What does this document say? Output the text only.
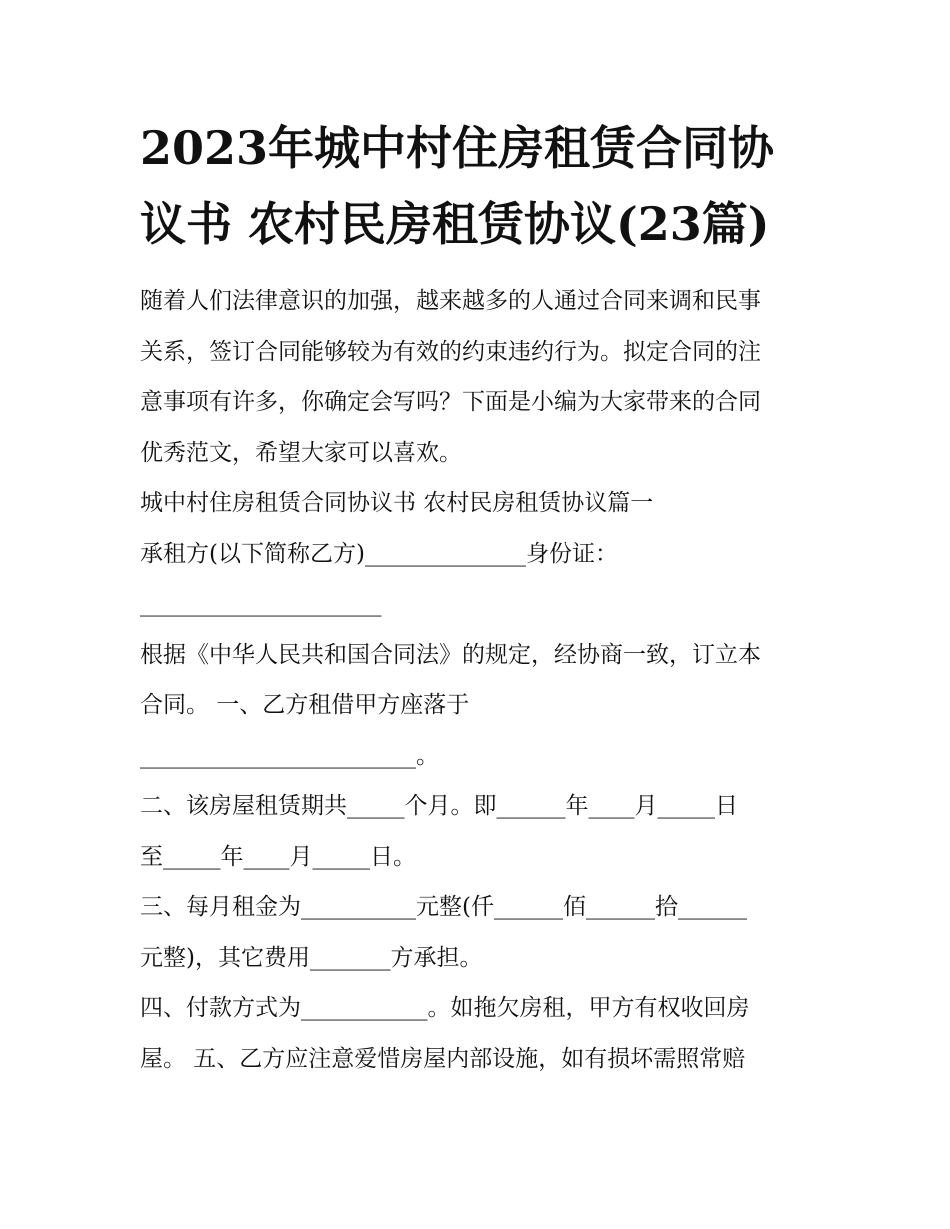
2023年城中村住房租赁合同协
议书 农村民房租赁协议(23篇)
随着人们法律意识的加强，越来越多的人通过合同来调和民事
关系，签订合同能够较为有效的约束违约行为。拟定合同的注
意事项有许多，你确定会写吗？下面是小编为大家带来的合同
优秀范文，希望大家可以喜欢。
城中村住房租赁合同协议书 农村民房租赁协议篇一
承租方(以下简称乙方)______________身份证：
_____________________
根据《中华人民共和国合同法》的规定，经协商一致，订立本
合同。 一、乙方租借甲方座落于
________________________。
二、该房屋租赁期共_____个月。即______年____月_____日
至_____年____月_____日。
三、每月租金为__________元整(仟______佰______拾______
元整)，其它费用_______方承担。
四、付款方式为___________。如拖欠房租，甲方有权收回房
屋。 五、乙方应注意爱惜房屋内部设施，如有损坏需照常赔
